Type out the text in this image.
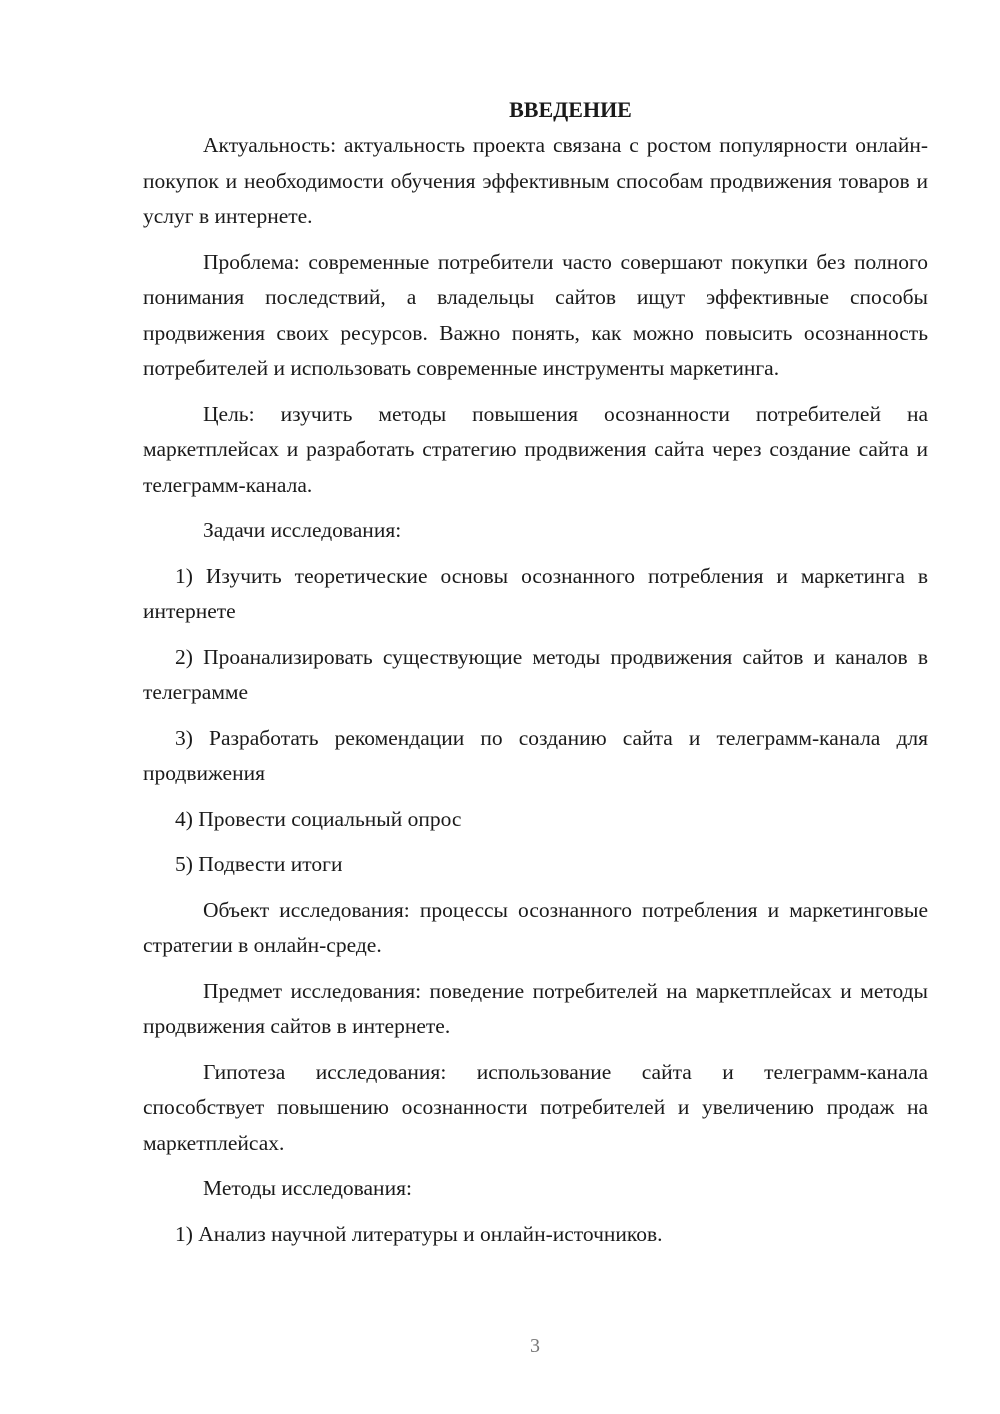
ВВЕДЕНИЕ

Актуальность: актуальность проекта связана с ростом популярности онлайн-покупок и необходимости обучения эффективным способам продвижения товаров и услуг в интернете.

Проблема: современные потребители часто совершают покупки без полного понимания последствий, а владельцы сайтов ищут эффективные способы продвижения своих ресурсов. Важно понять, как можно повысить осознанность потребителей и использовать современные инструменты маркетинга.

Цель: изучить методы повышения осознанности потребителей на маркетплейсах и разработать стратегию продвижения сайта через создание сайта и телеграмм-канала.

Задачи исследования:

1) Изучить теоретические основы осознанного потребления и маркетинга в интернете

2) Проанализировать существующие методы продвижения сайтов и каналов в телеграмме

3) Разработать рекомендации по созданию сайта и телеграмм-канала для продвижения

4) Провести социальный опрос

5) Подвести итоги

Объект исследования: процессы осознанного потребления и маркетинговые стратегии в онлайн-среде.

Предмет исследования: поведение потребителей на маркетплейсах и методы продвижения сайтов в интернете.

Гипотеза исследования: использование сайта и телеграмм-канала способствует повышению осознанности потребителей и увеличению продаж на маркетплейсах.

Методы исследования:

1) Анализ научной литературы и онлайн-источников.

3
